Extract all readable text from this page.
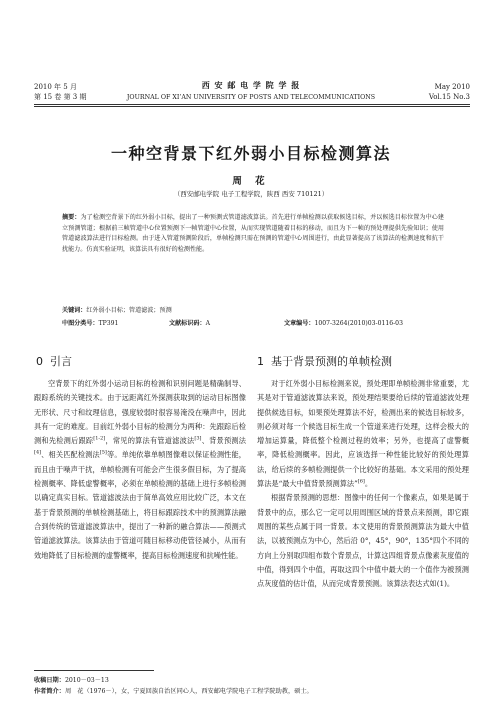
2010 年 5 月
第 15 卷 第 3 期
西 安 邮 电 学 院 学 报
JOURNAL OF XI’AN UNIVERSITY OF POSTS AND TELECOMMUNICATIONS
May 2010
Vol.15 No.3
一种空背景下红外弱小目标检测算法
周 花
（西安邮电学院 电子工程学院，陕西 西安 710121）
摘要：为了检测空背景下的红外弱小目标，提出了一种预测式管道滤波算法。首先进行单帧检测以获取候选目标，并以候选目标位置为中心建立预测管道；根据前三帧管道中心位置预测下一帧管道中心位置，从而实现管道随着目标的移动，而且为下一帧的预处理提供先验知识；使用管道滤波算法进行目标检测。由于进入管道预测阶段后，单帧检测只需在预测的管道中心周围进行，由此显著提高了该算法的检测速度和抗干扰能力。仿真实验证明，该算法具有很好的检测性能。
关键词：红外弱小目标；管道滤波；预测
中图分类号：TP391	文献标识码：A	文章编号：1007-3264(2010)03-0116-03
0 引言	1 基于背景预测的单帧检测

空背景下的红外弱小运动目标的检测和识别问题是精确制导、跟踪系统的关键技术。由于远距离红外探测获取到的运动目标图像无形状、尺寸和纹理信息，强度较弱时很容易淹没在噪声中，因此具有一定的难度。目前红外弱小目标的检测分为两种：先跟踪后检测和先检测后跟踪[1-2]，常见的算法有管道滤波法[3]、背景预测法[4]、相关匹配检测法[5]等。单纯依靠单帧图像难以保证检测性能，而且由于噪声干扰，单帧检测有可能会产生很多假目标，为了提高检测概率、降低虚警概率，必须在单帧检测的基础上进行多帧检测以确定真实目标。管道滤波法由于简单高效应用比较广泛，本文在基于背景预测的单帧检测基础上，将目标跟踪技术中的预测算法融合到传统的管道滤波算法中，提出了一种新的融合算法——预测式管道滤波算法。该算法由于管道可随目标移动使管径减小，从而有效地降低了目标检测的虚警概率，提高目标检测速度和抗噪性能。

对于红外弱小目标检测来说，预处理即单帧检测非常重要，尤其是对于管道滤波算法来说，预处理结果要给后续的管道滤波处理提供候选目标，如果预处理算法不好，检测出来的候选目标较多，则必须对每一个候选目标生成一个管道来进行处理，这样会极大的增加运算量，降低整个检测过程的效率；另外，也提高了虚警概率，降低检测概率。因此，应该选择一种性能比较好的预处理算法，给后续的多帧检测提供一个比较好的基础。本文采用的预处理算法是“最大中值背景预测算法”[6]。

根据背景预测的思想：图像中的任何一个像素点，如果是属于背景中的点，那么它一定可以用周围区域的背景点来预测，即它跟周围的某些点属于同一背景。本文使用的背景预测算法为最大中值法，以被预测点为中心，然后沿 0°，45°，90°，135°四个不同的方向上分别取四组布数个背景点，计算这四组背景点像素灰度值的中值，得到四个中值，再取这四个中值中最大的一个值作为被预测点灰度值的估计值，从而完成背景预测。该算法表达式如(1)。

收稿日期：2010－03－13
作者简介：周　花（1976－），女，宁夏回族自治区同心人，西安邮电学院电子工程学院助教，硕士。
